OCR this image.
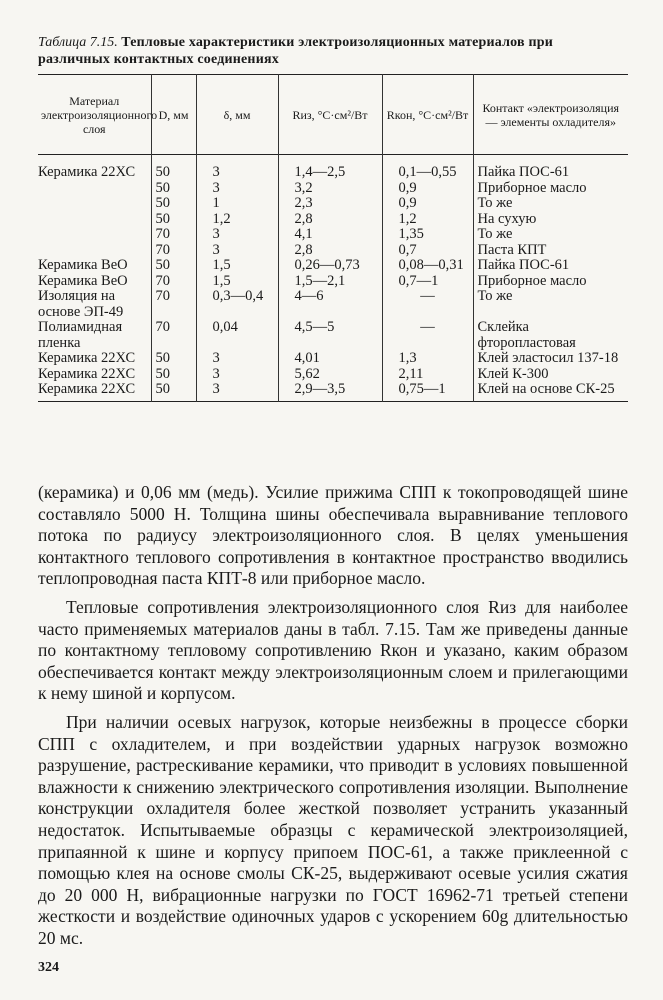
Таблица 7.15. Тепловые характеристики электроизоляционных материалов при различных контактных соединениях
Материал электроизоляционного слоя	D, мм	δ, мм	Rиз, °C·см²/Вт	Rкон, °C·см²/Вт	Контакт «электроизоляция — элементы охладителя»
Керамика 22ХС	50	3	1,4—2,5	0,1—0,55	Пайка ПОС-61
	50	3	3,2	0,9	Приборное масло
	50	1	2,3	0,9	То же
	50	1,2	2,8	1,2	На сухую
	70	3	4,1	1,35	То же
	70	3	2,8	0,7	Паста КПТ
Керамика BeO	50	1,5	0,26—0,73	0,08—0,31	Пайка ПОС-61
Керамика BeO	70	1,5	1,5—2,1	0,7—1	Приборное масло
Изоляция на основе ЭП-49	70	0,3—0,4	4—6	—	То же
Полиамидная пленка	70	0,04	4,5—5	—	Склейка фторопластовая
Керамика 22ХС	50	3	4,01	1,3	Клей эластосил 137-18
Керамика 22ХС	50	3	5,62	2,11	Клей К-300
Керамика 22ХС	50	3	2,9—3,5	0,75—1	Клей на основе СК-25

(керамика) и 0,06 мм (медь). Усилие прижима СПП к токопроводящей шине составляло 5000 Н. Толщина шины обеспечивала выравнивание теплового потока по радиусу электроизоляционного слоя. В целях уменьшения контактного теплового сопротивления в контактное пространство вводились теплопроводная паста КПТ-8 или приборное масло.

Тепловые сопротивления электроизоляционного слоя Rиз для наиболее часто применяемых материалов даны в табл. 7.15. Там же приведены данные по контактному тепловому сопротивлению Rкон и указано, каким образом обеспечивается контакт между электроизоляционным слоем и прилегающими к нему шиной и корпусом.

При наличии осевых нагрузок, которые неизбежны в процессе сборки СПП с охладителем, и при воздействии ударных нагрузок возможно разрушение, растрескивание керамики, что приводит в условиях повышенной влажности к снижению электрического сопротивления изоляции. Выполнение конструкции охладителя более жесткой позволяет устранить указанный недостаток. Испытываемые образцы с керамической электроизоляцией, припаянной к шине и корпусу припоем ПОС-61, а также приклеенной с помощью клея на основе смолы СК-25, выдерживают осевые усилия сжатия до 20 000 Н, вибрационные нагрузки по ГОСТ 16962-71 третьей степени жесткости и воздействие одиночных ударов с ускорением 60g длительностью 20 мс.

324
